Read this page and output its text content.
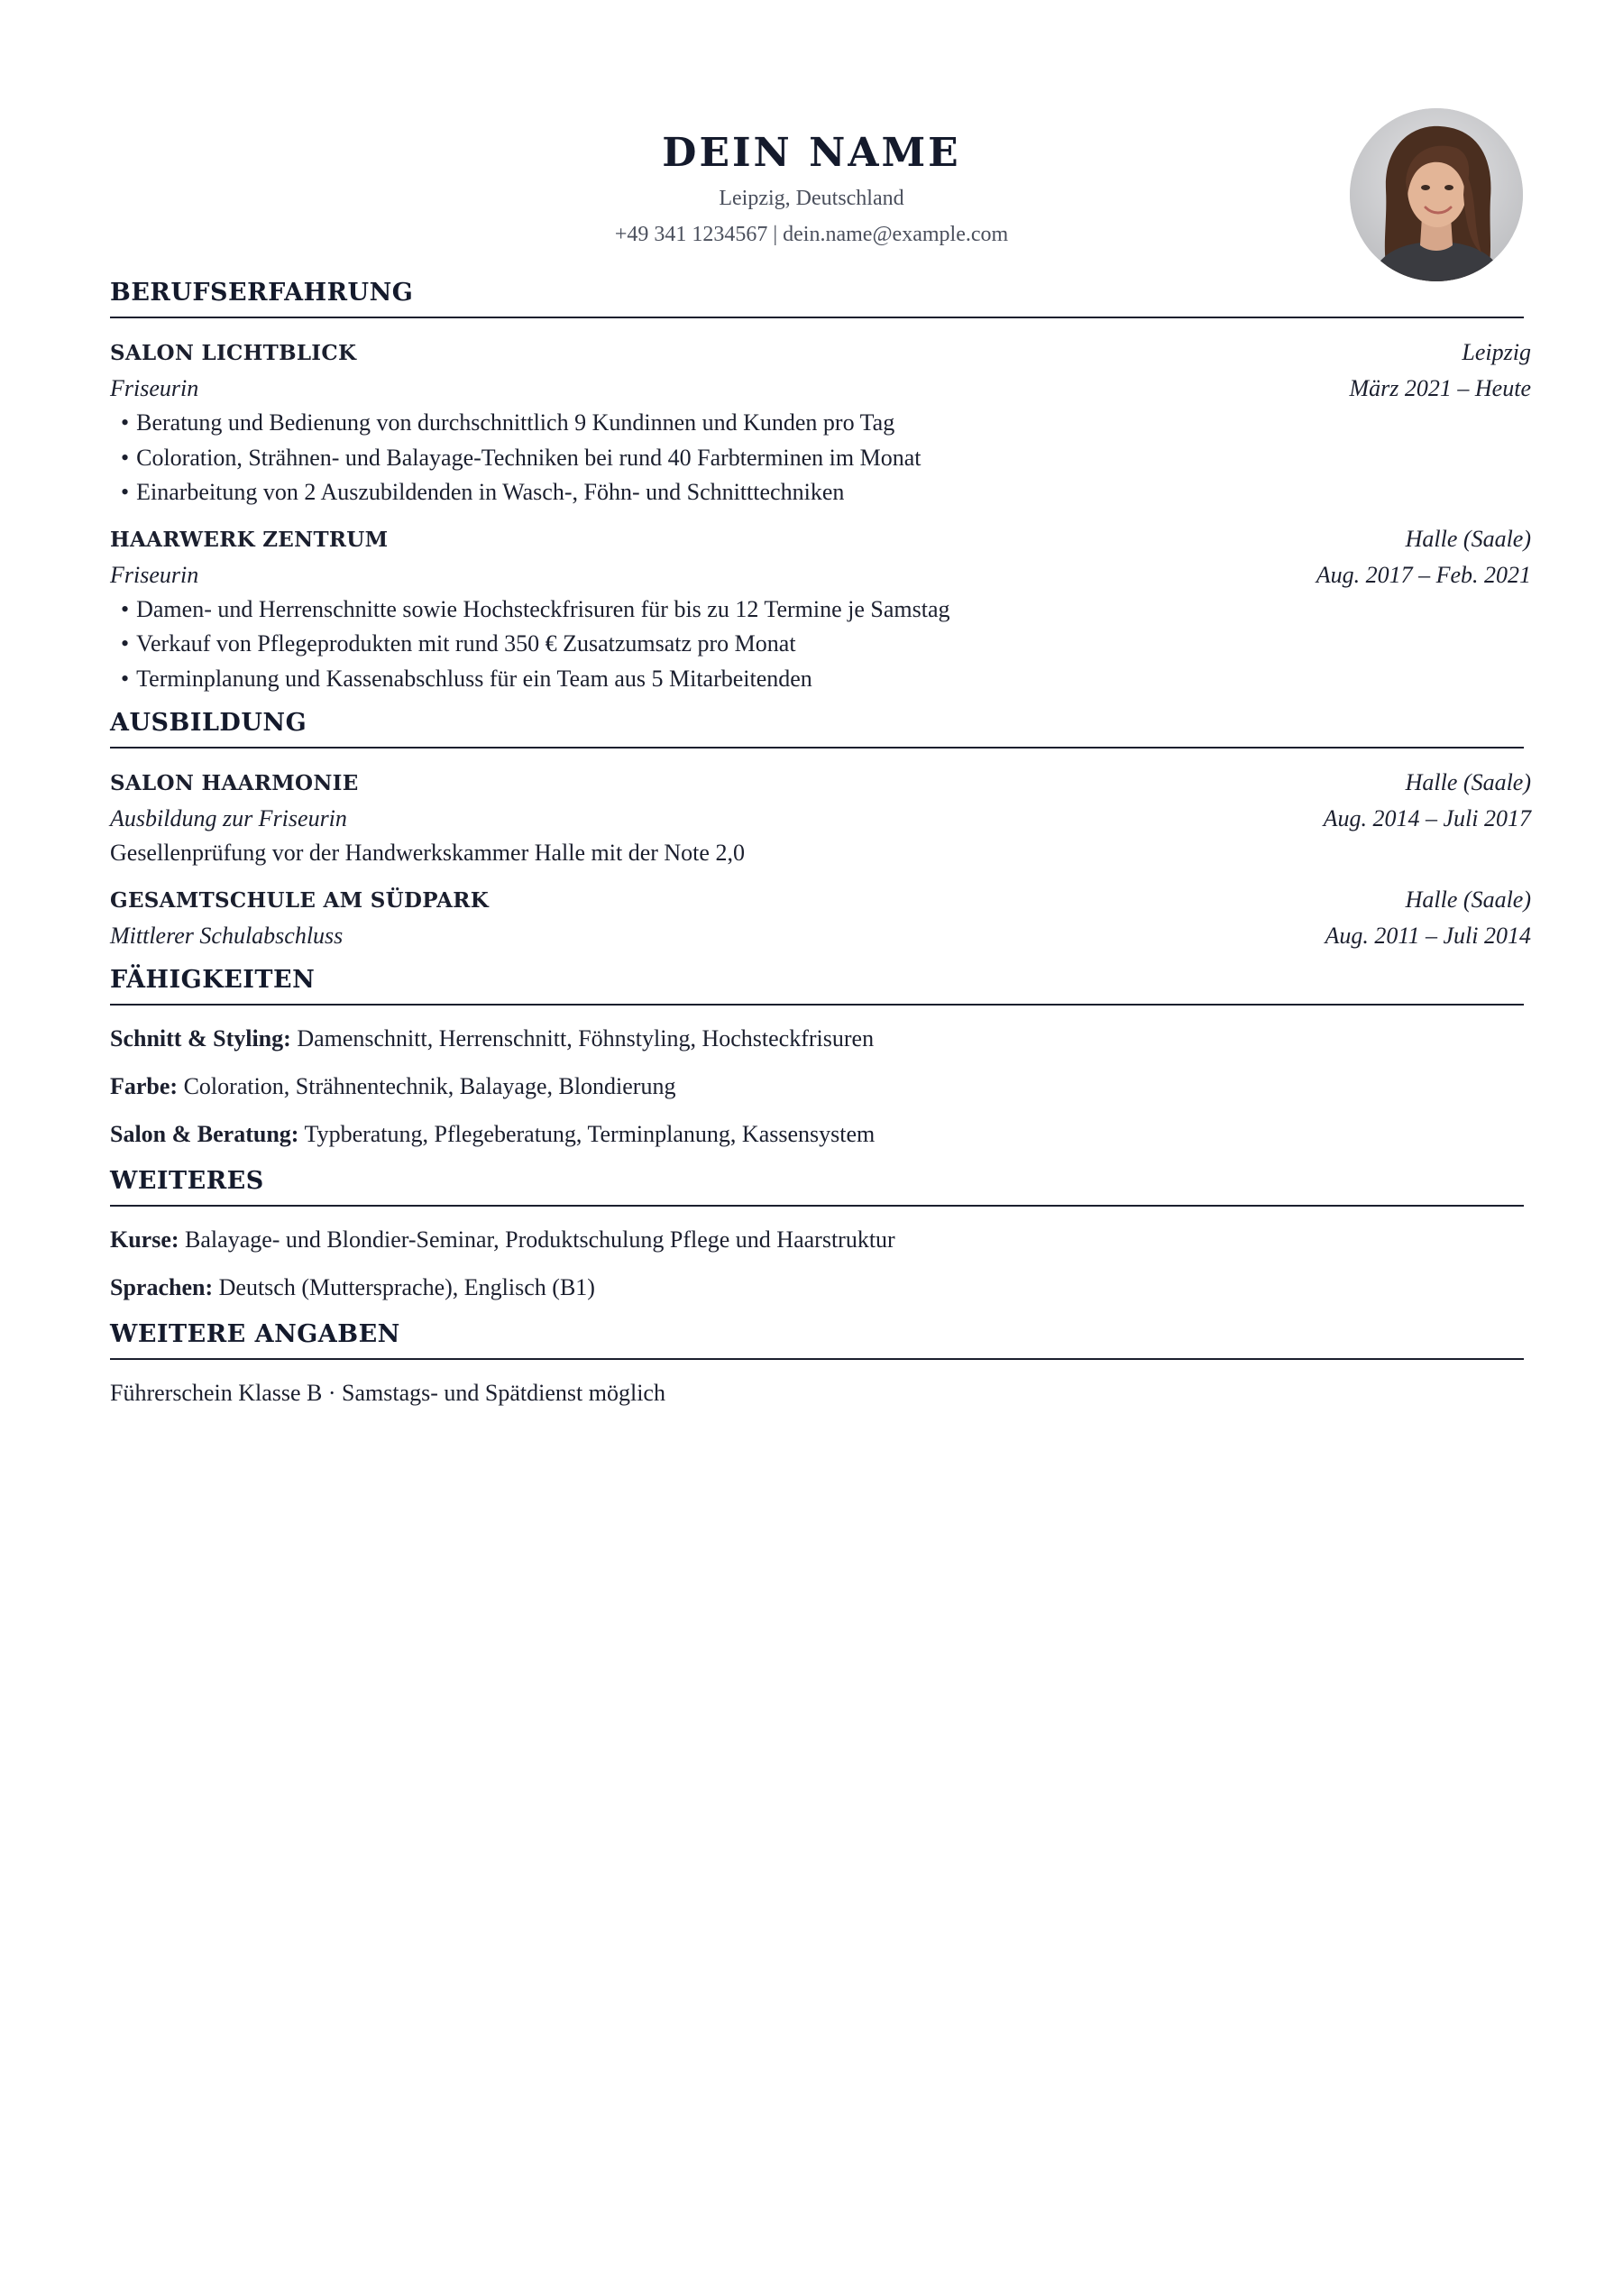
DEIN NAME
Leipzig, Deutschland
+49 341 1234567 | dein.name@example.com
BERUFSERFAHRUNG
SALON LICHTBLICK	Leipzig
Friseurin	März 2021 – Heute
• Beratung und Bedienung von durchschnittlich 9 Kundinnen und Kunden pro Tag
• Coloration, Strähnen- und Balayage-Techniken bei rund 40 Farbterminen im Monat
• Einarbeitung von 2 Auszubildenden in Wasch-, Föhn- und Schnitttechniken
HAARWERK ZENTRUM	Halle (Saale)
Friseurin	Aug. 2017 – Feb. 2021
• Damen- und Herrenschnitte sowie Hochsteckfrisuren für bis zu 12 Termine je Samstag
• Verkauf von Pflegeprodukten mit rund 350 € Zusatzumsatz pro Monat
• Terminplanung und Kassenabschluss für ein Team aus 5 Mitarbeitenden
AUSBILDUNG
SALON HAARMONIE	Halle (Saale)
Ausbildung zur Friseurin	Aug. 2014 – Juli 2017
Gesellenprüfung vor der Handwerkskammer Halle mit der Note 2,0
GESAMTSCHULE AM SÜDPARK	Halle (Saale)
Mittlerer Schulabschluss	Aug. 2011 – Juli 2014
FÄHIGKEITEN
Schnitt & Styling: Damenschnitt, Herrenschnitt, Föhnstyling, Hochsteckfrisuren
Farbe: Coloration, Strähnentechnik, Balayage, Blondierung
Salon & Beratung: Typberatung, Pflegeberatung, Terminplanung, Kassensystem
WEITERES
Kurse: Balayage- und Blondier-Seminar, Produktschulung Pflege und Haarstruktur
Sprachen: Deutsch (Muttersprache), Englisch (B1)
WEITERE ANGABEN
Führerschein Klasse B · Samstags- und Spätdienst möglich
